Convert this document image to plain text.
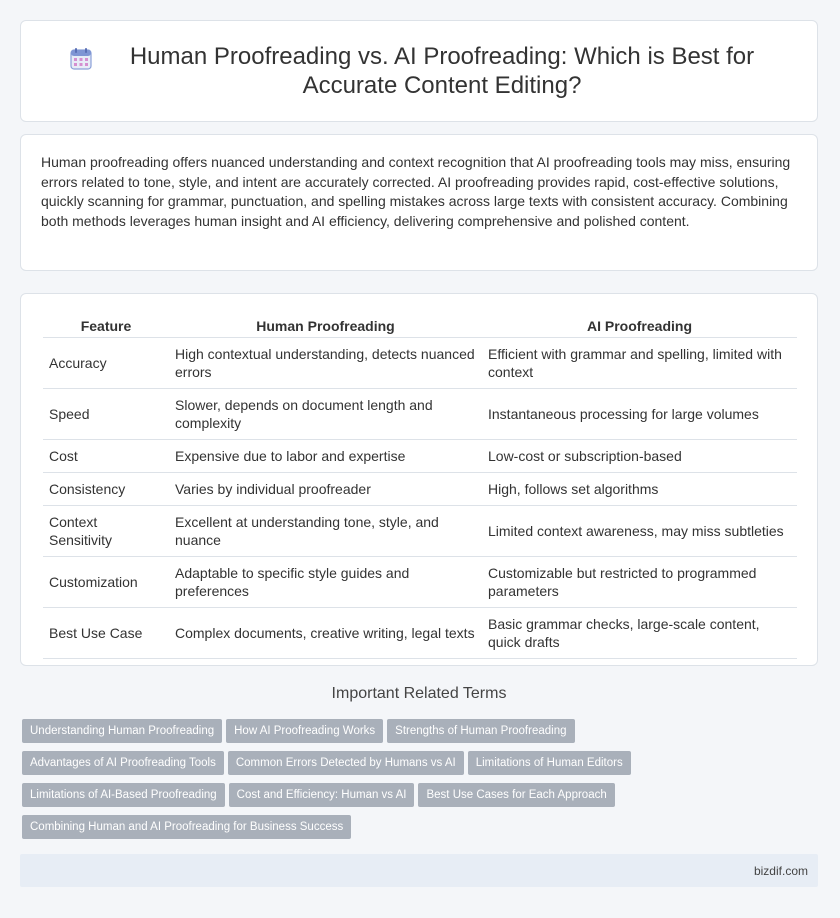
Human Proofreading vs. AI Proofreading: Which is Best for Accurate Content Editing?

Human proofreading offers nuanced understanding and context recognition that AI proofreading tools may miss, ensuring errors related to tone, style, and intent are accurately corrected. AI proofreading provides rapid, cost-effective solutions, quickly scanning for grammar, punctuation, and spelling mistakes across large texts with consistent accuracy. Combining both methods leverages human insight and AI efficiency, delivering comprehensive and polished content.

Feature	Human Proofreading	AI Proofreading
Accuracy	High contextual understanding, detects nuanced errors	Efficient with grammar and spelling, limited with context
Speed	Slower, depends on document length and complexity	Instantaneous processing for large volumes
Cost	Expensive due to labor and expertise	Low-cost or subscription-based
Consistency	Varies by individual proofreader	High, follows set algorithms
Context Sensitivity	Excellent at understanding tone, style, and nuance	Limited context awareness, may miss subtleties
Customization	Adaptable to specific style guides and preferences	Customizable but restricted to programmed parameters
Best Use Case	Complex documents, creative writing, legal texts	Basic grammar checks, large-scale content, quick drafts
Important Related Terms
Understanding Human Proofreading How AI Proofreading Works Strengths of Human Proofreading
Advantages of AI Proofreading Tools Common Errors Detected by Humans vs AI Limitations of Human Editors
Limitations of AI-Based Proofreading Cost and Efficiency: Human vs AI Best Use Cases for Each Approach
Combining Human and AI Proofreading for Business Success
bizdif.com
